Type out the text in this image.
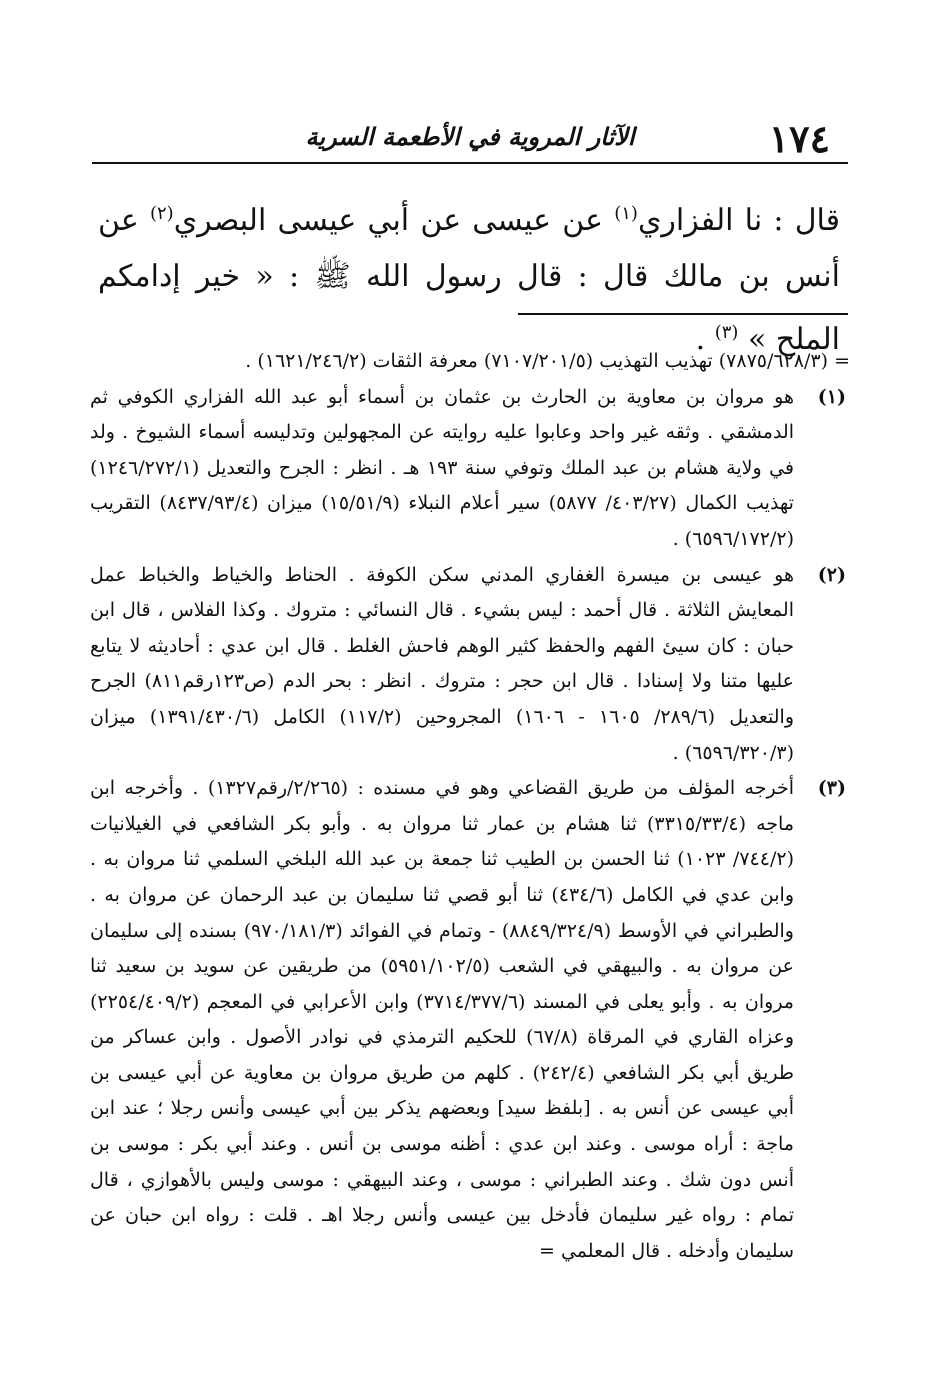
١٧٤
الآثار المروية في الأطعمة السرية
قال : نا الفزاري$^{(١)}$ عن عيسى عن أبي عيسى البصري$^{(٢)}$ عن أنس بن مالك قال : قال رسول الله ﷺ : « خير إدامكم الملح » $^{(٣)}$ .
= (٧٨٧٥/٦٢٨/٣) تهذيب التهذيب (٧١٠٧/٢٠١/٥) معرفة الثقات (١٦٢١/٢٤٦/٢) .
(١)
هو مروان بن معاوية بن الحارث بن عثمان بن أسماء أبو عبد الله الفزاري الكوفي ثم الدمشقي . وثقه غير واحد وعابوا عليه روايته عن المجهولين وتدليسه أسماء الشيوخ . ولد في ولاية هشام بن عبد الملك وتوفي سنة ١٩٣ هـ . انظر : الجرح والتعديل (١٢٤٦/٢٧٢/١) تهذيب الكمال (٤٠٣/٢٧/ ٥٨٧٧) سير أعلام النبلاء (١٥/٥١/٩) ميزان (٨٤٣٧/٩٣/٤) التقريب (٦٥٩٦/١٧٢/٢) .
(٢)
هو عيسى بن ميسرة الغفاري المدني سكن الكوفة . الحناط والخياط والخباط عمل المعايش الثلاثة . قال أحمد : ليس بشيء . قال النسائي : متروك . وكذا الفلاس ، قال ابن حبان : كان سيئ الفهم والحفظ كثير الوهم فاحش الغلط . قال ابن عدي : أحاديثه لا يتابع عليها متنا ولا إسنادا . قال ابن حجر : متروك . انظر : بحر الدم (ص١٢٣رقم٨١١) الجرح والتعديل (٢٨٩/٦/ ١٦٠٥ - ١٦٠٦) المجروحين (١١٧/٢) الكامل (١٣٩١/٤٣٠/٦) ميزان (٦٥٩٦/٣٢٠/٣) .
(٣)
أخرجه المؤلف من طريق القضاعي وهو في مسنده : (٢/٢٦٥/رقم١٣٢٧) . وأخرجه ابن ماجه (٣٣١٥/٣٣/٤) ثنا هشام بن عمار ثنا مروان به . وأبو بكر الشافعي في الغيلانيات (٧٤٤/٢/ ١٠٢٣) ثنا الحسن بن الطيب ثنا جمعة بن عبد الله البلخي السلمي ثنا مروان به . وابن عدي في الكامل (٤٣٤/٦) ثنا أبو قصي ثنا سليمان بن عبد الرحمان عن مروان به . والطبراني في الأوسط (٨٨٤٩/٣٢٤/٩) - وتمام في الفوائد (٩٧٠/١٨١/٣) بسنده إلى سليمان عن مروان به . والبيهقي في الشعب (٥٩٥١/١٠٢/٥) من طريقين عن سويد بن سعيد ثنا مروان به . وأبو يعلى في المسند (٣٧١٤/٣٧٧/٦) وابن الأعرابي في المعجم (٢٢٥٤/٤٠٩/٢) وعزاه القاري في المرقاة (٦٧/٨) للحكيم الترمذي في نوادر الأصول . وابن عساكر من طريق أبي بكر الشافعي (٢٤٢/٤) . كلهم من طريق مروان بن معاوية عن أبي عيسى بن أبي عيسى عن أنس به . [بلفظ سيد] وبعضهم يذكر بين أبي عيسى وأنس رجلا ؛ عند ابن ماجة : أراه موسى . وعند ابن عدي : أظنه موسى بن أنس . وعند أبي بكر : موسى بن أنس دون شك . وعند الطبراني : موسى ، وعند البيهقي : موسى وليس بالأهوازي ، قال تمام : رواه غير سليمان فأدخل بين عيسى وأنس رجلا اهـ . قلت : رواه ابن حبان عن سليمان وأدخله . قال المعلمي =
